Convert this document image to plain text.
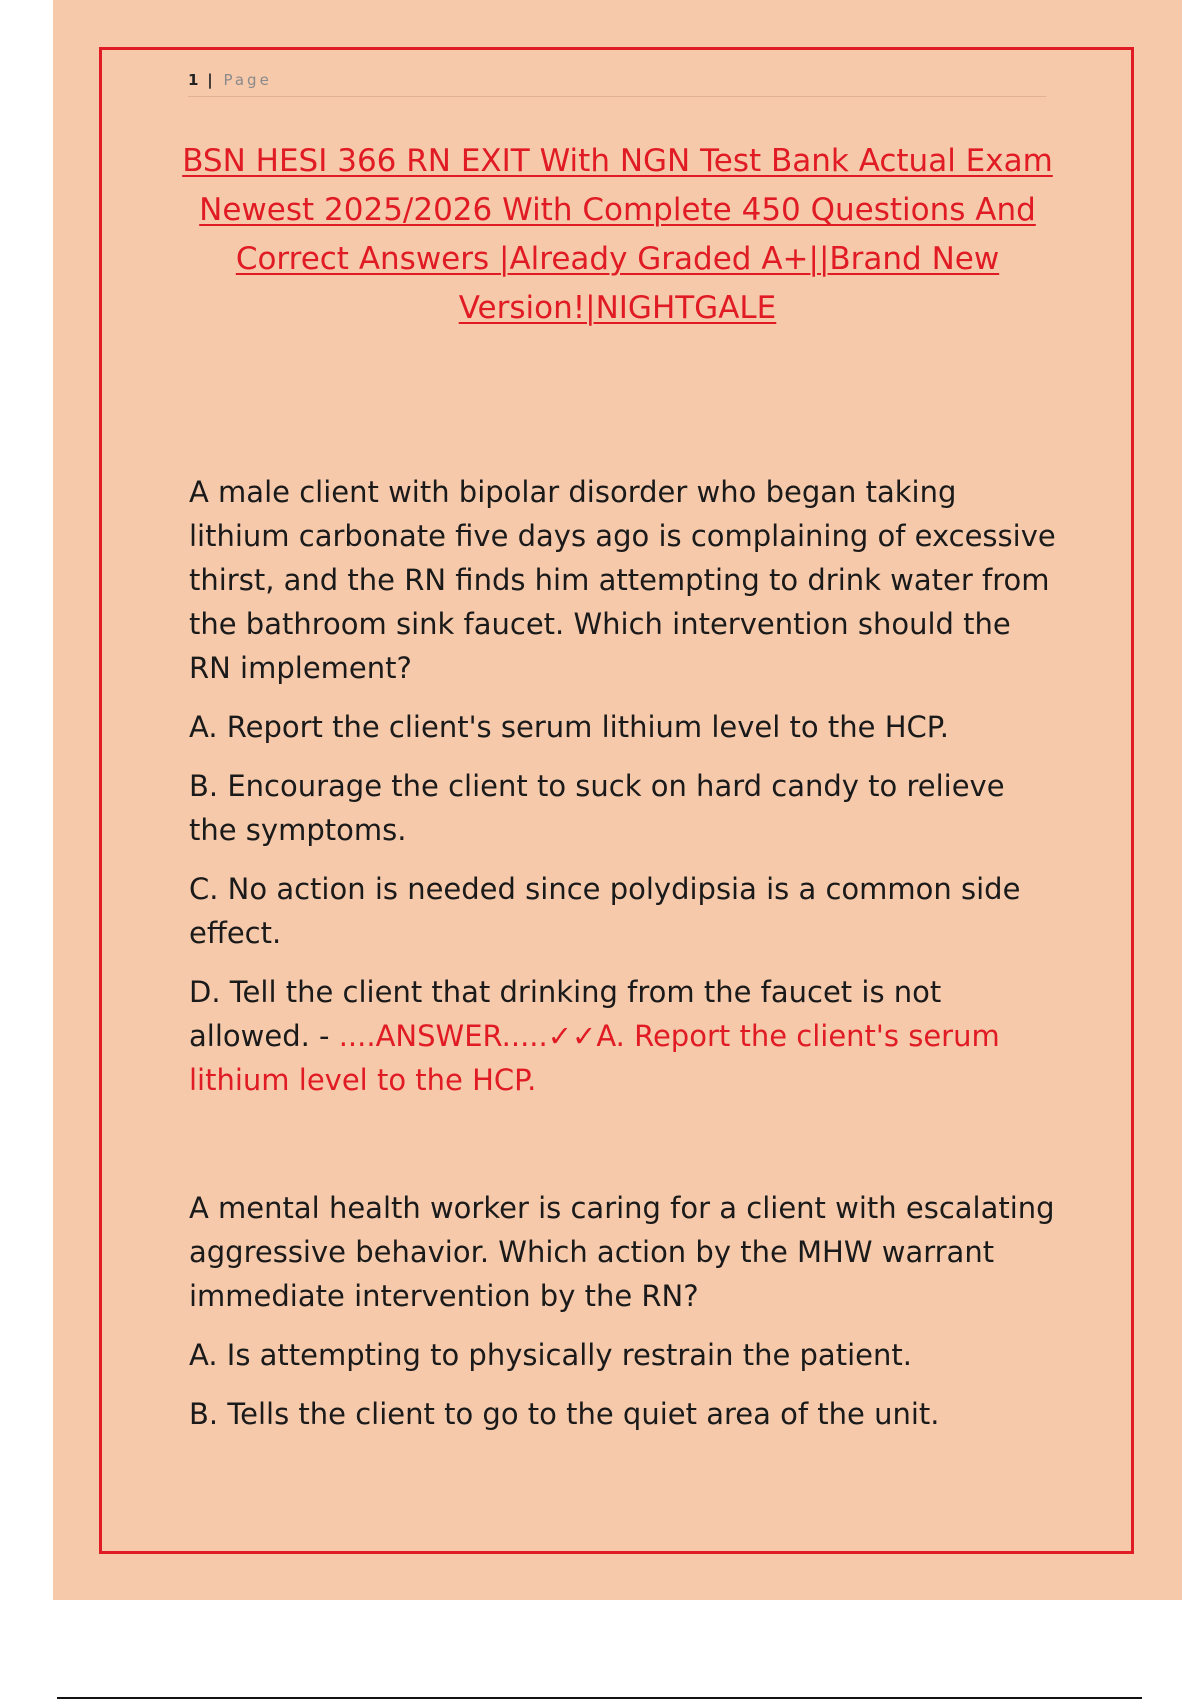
1 | Page
BSN HESI 366 RN EXIT With NGN Test Bank Actual Exam Newest 2025/2026 With Complete 450 Questions And Correct Answers |Already Graded A+||Brand New Version!|NIGHTGALE

A male client with bipolar disorder who began taking lithium carbonate five days ago is complaining of excessive thirst, and the RN finds him attempting to drink water from the bathroom sink faucet. Which intervention should the RN implement?

A. Report the client's serum lithium level to the HCP.

B. Encourage the client to suck on hard candy to relieve the symptoms.

C. No action is needed since polydipsia is a common side effect.

D. Tell the client that drinking from the faucet is not allowed. - ....ANSWER.....✓✓A. Report the client's serum lithium level to the HCP.

A mental health worker is caring for a client with escalating aggressive behavior. Which action by the MHW warrant immediate intervention by the RN?

A. Is attempting to physically restrain the patient.

B. Tells the client to go to the quiet area of the unit.
